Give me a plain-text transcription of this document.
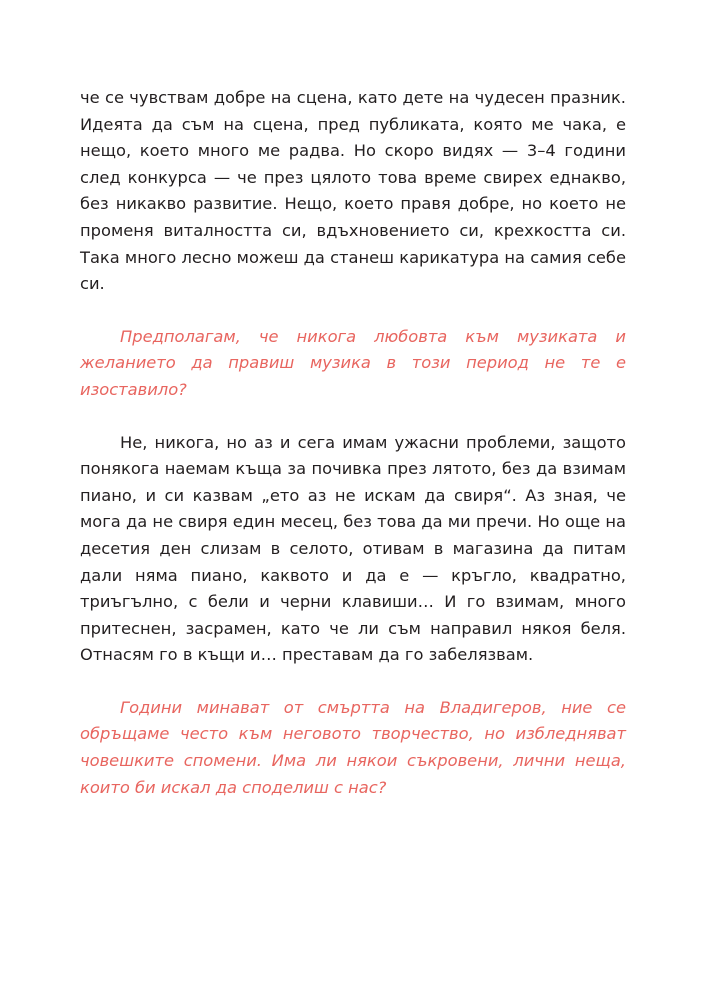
че се чувствам добре на сцена, като дете на чудесен празник. Идеята да съм на сцена, пред публиката, която ме чака, е нещо, което много ме радва. Но скоро видях — 3–4 години след конкурса — че през цялото това време свирех еднакво, без никакво развитие. Нещо, което правя добре, но което не променя виталността си, вдъхновението си, крехкостта си. Така много лесно можеш да станеш карикатура на самия себе си.

Предполагам, че никога любовта към музиката и желанието да правиш музика в този период не те е изоставило?

Не, никога, но аз и сега имам ужасни проблеми, защото понякога наемам къща за почивка през лятото, без да взимам пиано, и си казвам „ето аз не искам да свиря“. Аз зная, че мога да не свиря един месец, без това да ми пречи. Но още на десетия ден слизам в селото, отивам в магазина да питам дали няма пиано, каквото и да е — кръгло, квадратно, триъгълно, с бели и черни клавиши… И го взимам, много притеснен, засрамен, като че ли съм направил някоя беля. Отнасям го в къщи и… преставам да го забелязвам.

Години минават от смъртта на Владигеров, ние се обръщаме често към неговото творчество, но избледняват човешките спомени. Има ли някои съкровени, лични неща, които би искал да споделиш с нас?
